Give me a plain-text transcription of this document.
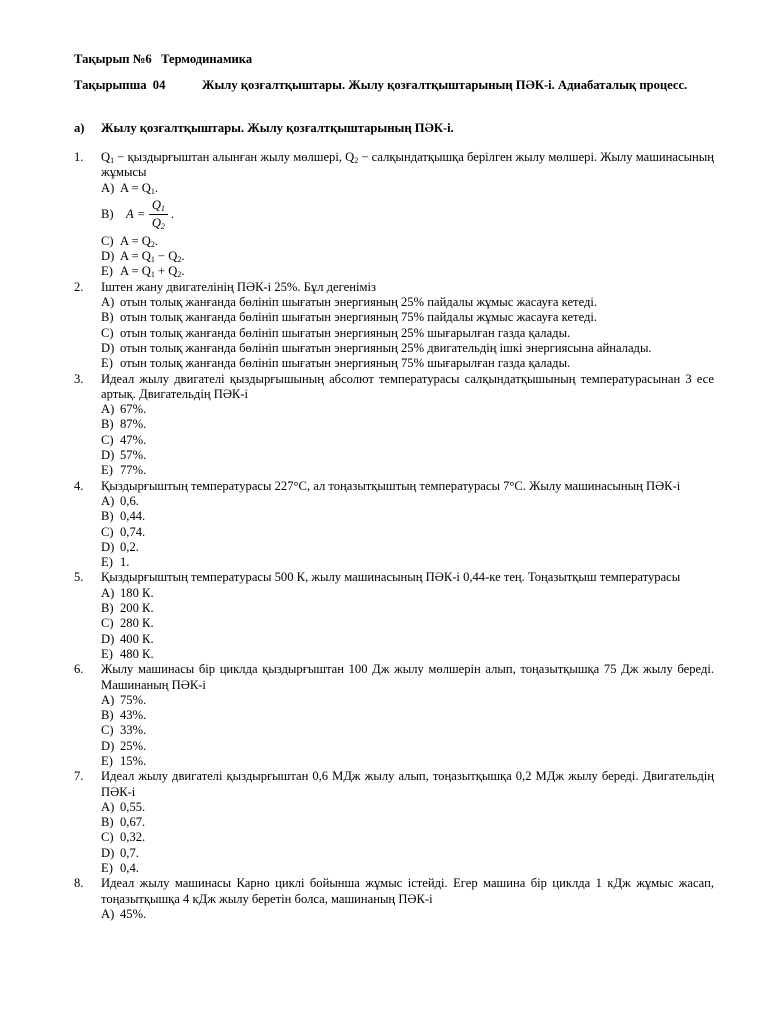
Тақырып №6   Термодинамика
Тақырыпша  04	Жылу қозғалтқыштары. Жылу қозғалтқыштарының ПӘК-і. Адиабаталық процесс.
a) Жылу қозғалтқыштары. Жылу қозғалтқыштарының ПӘК-і.
1. $Q_1$ − қыздырғыштан алынған жылу мөлшері, $Q_2$ − салқындатқышқа берілген жылу мөлшері. Жылу машинасының жұмысы
A) $A = Q_1$.
B) $A = \frac{Q_1}{Q_2}$ .
C) $A = Q_2$.
D) $A = Q_1 - Q_2$.
E) $A = Q_1 + Q_2$.
2. Іштен жану двигателінің ПӘК-і 25%. Бұл дегеніміз
A) отын толық жанғанда бөлініп шығатын энергияның 25% пайдалы жұмыс жасауға кетеді.
B) отын толық жанғанда бөлініп шығатын энергияның 75% пайдалы жұмыс жасауға кетеді.
C) отын толық жанғанда бөлініп шығатын энергияның 25% шығарылған газда қалады.
D) отын толық жанғанда бөлініп шығатын энергияның 25% двигательдің ішкі энергиясына айналады.
E) отын толық жанғанда бөлініп шығатын энергияның 75% шығарылған газда қалады.
3. Идеал жылу двигателі қыздырғышының абсолют температурасы салқындатқышының температурасынан 3 есе артық. Двигательдің ПӘК-і
A) 67%.
B) 87%.
C) 47%.
D) 57%.
E) 77%.
4. Қыздырғыштың температурасы 227°С, ал тоңазытқыштың температурасы 7°С. Жылу машинасының ПӘК-і
A) 0,6.
B) 0,44.
C) 0,74.
D) 0,2.
E) 1.
5. Қыздырғыштың температурасы 500 К, жылу машинасының ПӘК-і 0,44-ке тең. Тоңазытқыш температурасы
A) 180 К.
B) 200 К.
C) 280 К.
D) 400 К.
E) 480 К.
6. Жылу машинасы бір циклда қыздырғыштан 100 Дж жылу мөлшерін алып, тоңазытқышқа 75 Дж жылу береді. Машинаның ПӘК-і
A) 75%.
B) 43%.
C) 33%.
D) 25%.
E) 15%.
7. Идеал жылу двигателі қыздырғыштан 0,6 МДж жылу алып, тоңазытқышқа 0,2 МДж жылу береді. Двигательдің ПӘК-і
A) 0,55.
B) 0,67.
C) 0,32.
D) 0,7.
E) 0,4.
8. Идеал жылу машинасы Карно циклі бойынша жұмыс істейді. Егер машина бір циклда 1 кДж жұмыс жасап, тоңазытқышқа 4 кДж жылу беретін болса, машинаның ПӘК-і
A) 45%.
